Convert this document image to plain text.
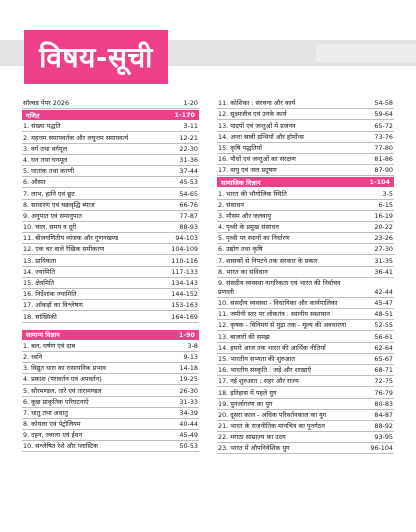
विषय-सूची
सॉल्वड पेपर 2026	1-20
गणित	1-170
1. संख्या पद्धति	3-11
2. महत्तम समापवर्तक और लघुत्तम समापवर्त्य	12-21
3. वर्ग तथा वर्गमूल	22-30
4. घन तथा घनमूल	31-36
5. घातांक तथा करणी	37-44
6. औसत	45-53
7. लाभ, हानि एवं छूट	54-65
8. साधारण एवं चक्रवृद्धि ब्याज	66-76
9. अनुपात एवं समानुपात	77-87
10. चाल, समय व दूरी	88-93
11. बीजगणितीय व्यंजक और गुणनखण्ड	94-103
12. एक चर वाले रैखिक समीकरण	104-109
13. प्रायिकता	110-116
14. ज्यामिति	117-133
15. क्षेत्रमिति	134-143
16. निर्देशांक ज्यामिति	144-152
17. आँकड़ों का विश्लेषण	153-163
18. सांख्यिकी	164-169
सामान्य विज्ञान	1-90
1. बल, घर्षण एवं दाब	3-8
2. ध्वनि	9-13
3. विद्युत धारा का रासायनिक प्रभाव	14-18
4. प्रकाश (परावर्तन एवं अपवर्तन)	19-25
5. सौरमण्डल, तारे एवं तारामण्डल	26-30
6. कुछ प्राकृतिक परिघटनाएँ	31-33
7. धातु तथा अधातु	34-39
8. कोयला एवं पेट्रोलियम	40-44
9. दहन, ज्वाला एवं ईंधन	45-49
10. संश्लेषित रेशे और प्लास्टिक	50-53
11. कोशिका : संरचना और कार्य	54-58
12. सूक्ष्मजीव एवं उनके कार्य	59-64
13. पादपों एवं जन्तुओं में प्रजनन	65-72
14. अन्तः स्रावी ग्रन्थियाँ और हॉर्मोन्स	73-76
15. कृषि पद्धतियाँ	77-80
16. पौधों एवं जन्तुओं का संरक्षण	81-86
17. वायु एवं जल प्रदूषण	87-90
सामाजिक विज्ञान	1-104
1. भारत की भौगोलिक स्थिति	3-5
2. संसाधन	6-15
3. मौसम और जलवायु	16-19
4. पृथ्वी के प्रमुख संसाधन	20-22
5. पृथ्वी पर स्थानों का निर्धारण	23-26
6. उद्योग तथा कृषि	27-30
7. शासकों से निपटने तक सरकार के प्रकार	31-35
8. भारत का संविधान	36-41
9. संसदीय व्यवस्था नागरिकता एवं भारत की निर्वाचन प्रणाली	42-44
10. संसदीय व्यवस्था - विधायिका और कार्यपालिका	45-47
11. जमीनी स्तर पर लोकतंत्र : स्थानीय स्वशासन	48-51
12. कृषक - विनिमय से मुद्रा तक - मूल्य की अवधारणा	52-55
13. बाजारों की समझ	56-61
14. हमारे आज तक भारत की आर्थिक नीतियाँ	62-64
15. भारतीय सभ्यता की शुरुआत	65-67
16. भारतीय संस्कृति : जड़ें और शाखाएँ	68-71
17. नई शुरुआत : शहर और राज्य	72-75
18. इतिहास में पहले युग	76-79
19. पुनर्जागरण का युग	80-83
20. दूसरा काल - अधिक परिवर्तनकाल का युग	84-87
21. भारत के राजनीतिक मानचित्र का पुनर्गठन	88-92
22. मराठा साम्राज्य का उदय	93-95
23. भारत में औपनिवेशिक युग	96-104
